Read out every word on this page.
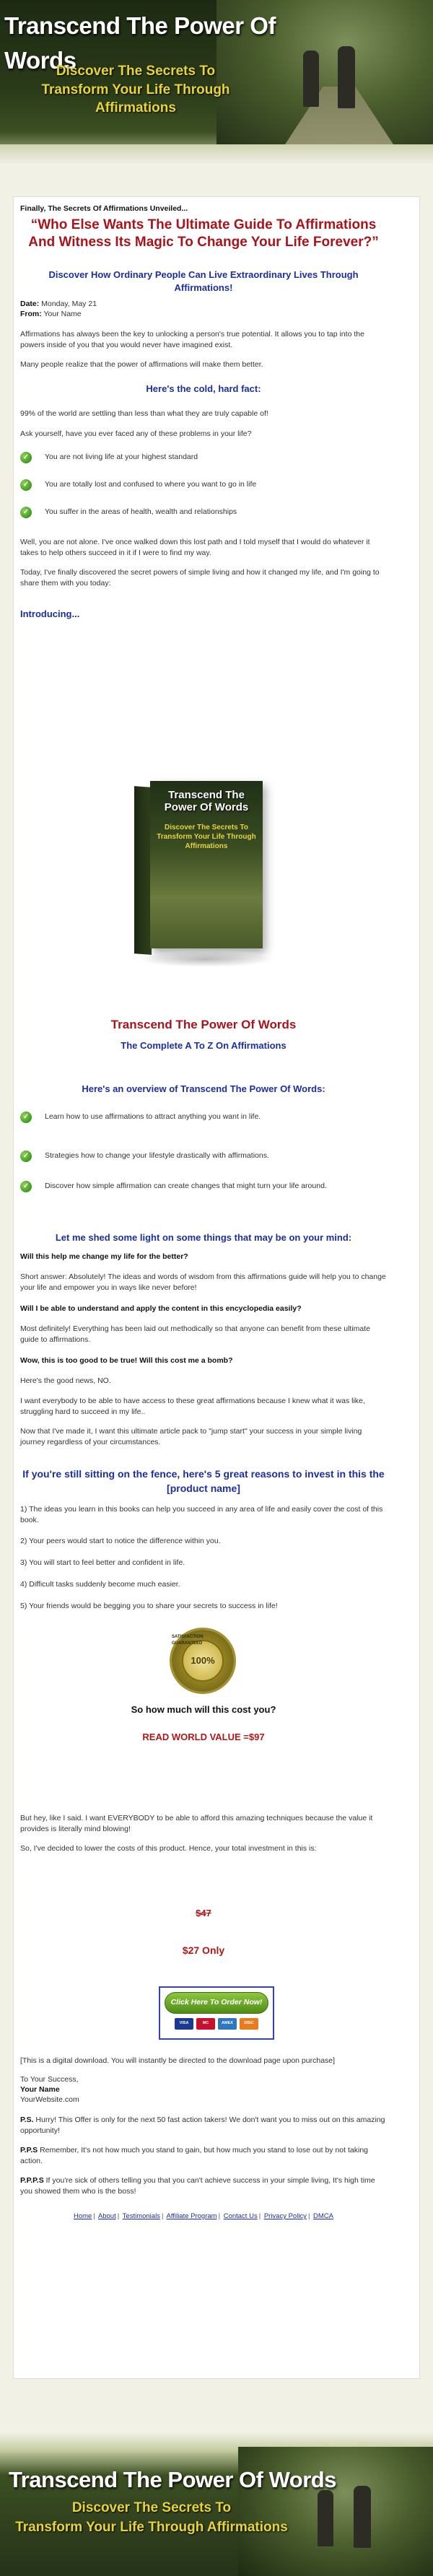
Transcend The Power Of Words
Discover The Secrets To
Transform Your Life Through Affirmations
Finally, The Secrets Of Affirmations Unveiled...
“Who Else Wants The Ultimate Guide To Affirmations And Witness Its Magic To Change Your Life Forever?”
Discover How Ordinary People Can Live Extraordinary Lives Through Affirmations!
Date: Monday, May 21
From: Your Name

Affirmations has always been the key to unlocking a person's true potential. It allows you to tap into the powers inside of you that you would never have imagined exist.

Many people realize that the power of affirmations will make them better.

Here's the cold, hard fact:

99% of the world are settling than less than what they are truly capable of!

Ask yourself, have you ever faced any of these problems in your life?

✓	You are not living life at your highest standard
✓	You are totally lost and confused to where you want to go in life
✓	You suffer in the areas of health, wealth and relationships

Well, you are not alone. I've once walked down this lost path and I told myself that I would do whatever it takes to help others succeed in it if I were to find my way.

Today, I've finally discovered the secret powers of simple living and how it changed my life, and I'm going to share them with you today:

Introducing...
Transcend The Power Of Words
Discover The Secrets To Transform Your Life Through Affirmations
Transcend The Power Of Words
The Complete A To Z On Affirmations
Here's an overview of Transcend The Power Of Words:
✓	Learn how to use affirmations to attract anything you want in life.
✓	Strategies how to change your lifestyle drastically with affirmations.
✓	Discover how simple affirmation can create changes that might turn your life around.
Let me shed some light on some things that may be on your mind:
Will this help me change my life for the better?

Short answer: Absolutely! The ideas and words of wisdom from this affirmations guide will help you to change your life and empower you in ways like never before!

Will I be able to understand and apply the content in this encyclopedia easily?

Most definitely! Everything has been laid out methodically so that anyone can benefit from these ultimate guide to affirmations.

Wow, this is too good to be true! Will this cost me a bomb?

Here's the good news, NO.

I want everybody to be able to have access to these great affirmations because I knew what it was like, struggling hard to succeed in my life..

Now that I've made it, I want this ultimate article pack to "jump start" your success in your simple living journey regardless of your circumstances.

If you're still sitting on the fence, here's 5 great reasons to invest in this the [product name]

1) The ideas you learn in this books can help you succeed in any area of life and easily cover the cost of this book.

2) Your peers would start to notice the difference within you.

3) You will start to feel better and confident in life.

4) Difficult tasks suddenly become much easier.

5) Your friends would be begging you to share your secrets to success in life!

100%
SATISFACTION GUARANTEED
So how much will this cost you?
READ WORLD VALUE =$97

But hey, like I said. I want EVERYBODY to be able to afford this amazing techniques because the value it provides is literally mind blowing!

So, I've decided to lower the costs of this product. Hence, your total investment in this is:

$47
$27 Only
Click Here To Order Now!
VISA	MC	AMEX	DISC

[This is a digital download. You will instantly be directed to the download page upon purchase]

To Your Success,
Your Name
YourWebsite.com

P.S. Hurry! This Offer is only for the next 50 fast action takers! We don't want you to miss out on this amazing opportunity!

P.P.S Remember, It's not how much you stand to gain, but how much you stand to lose out by not taking action.

P.P.P.S If you're sick of others telling you that you can't achieve success in your simple living, It's high time you showed them who is the boss!

Home | About | Testimonials | Affiliate Program | Contact Us | Privacy Policy | DMCA
Transcend The Power Of Words
Discover The Secrets To
Transform Your Life Through Affirmations
